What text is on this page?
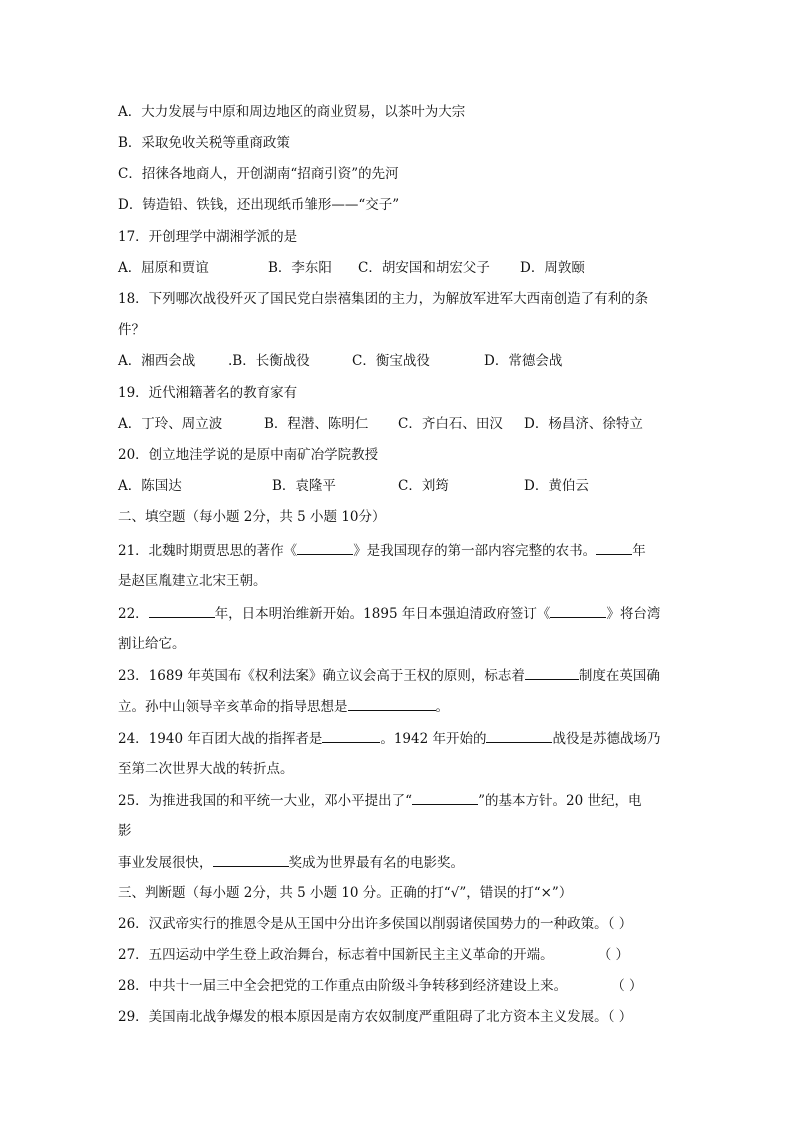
A．大力发展与中原和周边地区的商业贸易，以茶叶为大宗
B．采取免收关税等重商政策
C．招徕各地商人，开创湖南“招商引资”的先河
D．铸造铅、铁钱，还出现纸币雏形——“交子”
17．开创理学中湖湘学派的是
A．屈原和贾谊	B．李东阳 C．胡安国和胡宏父子 D．周敦颐
18．下列哪次战役歼灭了国民党白崇禧集团的主力，为解放军进军大西南创造了有利的条
件？
A．湘西会战 .B．长衡战役	C．衡宝战役	D．常德会战
19．近代湘籍著名的教育家有
A．丁玲、周立波	B．程潜、陈明仁 C．齐白石、田汉 D．杨昌济、徐特立
20．创立地洼学说的是原中南矿冶学院教授
A．陈国达	B．袁隆平	C．刘筠	D．黄伯云
二、填空题（每小题 2分，共 5 小题 10分）
21．北魏时期贾思思的著作《	》是我国现存的第一部内容完整的农书。	年
是赵匡胤建立北宋王朝。
22．	年，日本明治维新开始。1895 年日本强迫清政府签订《	》将台湾
割让给它。
23．1689 年英国布《权利法案》确立议会高于王权的原则，标志着	制度在英国确
立。孙中山领导辛亥革命的指导思想是	。
24．1940 年百团大战的指挥者是	。1942 年开始的	战役是苏德战场乃
至第二次世界大战的转折点。
25．为推进我国的和平统一大业，邓小平提出了“	”的基本方针。20 世纪，电
影
事业发展很快，	奖成为世界最有名的电影奖。
三、判断题（每小题 2分，共 5 小题 10 分。正确的打“√”，错误的打“×”）
26．汉武帝实行的推恩令是从王国中分出许多侯国以削弱诸侯国势力的一种政策。（ ）
27．五四运动中学生登上政治舞台，标志着中国新民主主义革命的开端。	（ ）
28．中共十一届三中全会把党的工作重点由阶级斗争转移到经济建设上来。	（ ）
29．美国南北战争爆发的根本原因是南方农奴制度严重阻碍了北方资本主义发展。（ ）
